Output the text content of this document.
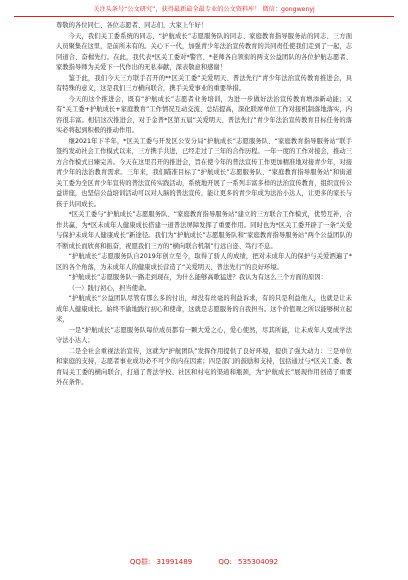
关注头条号“公文研究”，获得最新最全最专业的公文资料库！ 微信：gongwenyj

尊敬的各位同仁、各位志愿者、同志们，大家上午好！

今天，我们关工委系统的同志、“护航成长”志愿服务队的同志、家庭教育指导服务站的同志、三方面人员聚集在这里，是前所未有的。关心下一代，加强青少年法治宣传教育的共同责任使我们走到了一起，志同道合、奋楫先行。在此，我代表*区关工委对*警官、*老师各自领衔的两支公益团队的各位护航志愿者、家教指导师为关爱下一代作出的无私奉献，深表敬意和感谢！

鉴于此，我们今天三方联手召开的**区关工委“关爱明天、普法先行”青少年法治宣传教育推进会，具有特殊的意义，这是我们三方横向联合，携手关爱事业的重要举措。

今天的这个推进会，既有“护航成长”志愿者业务培训，为进一步做好法治宣传教育增添新动能；又有“关工委+护航成长+家庭教育”工作情况互动交流、总结提高，深化联席单位工作对接机制落地落实，内容很丰富。相信这次推进会，对于金普*区第五届“关爱明天、普法先行”青少年法治宣传教育目标任务的落实必将起到积极的推动作用。

继2021年下半年，*区关工委与开发区公安分局“护航成长”志愿服务队、“家庭教育指导服务站”联手签约发动社会工作模式以来，三方携手共进，已经走过了三年的合作历程。一年一度的工作对接会，推动三方合作模式日臻完善。今天在这里召开的推进会，旨在使今年的普法宣传工作更加精准地对接青少年，对接青少年的法治教育需求。三年来，我们瞄准目标了“护航成长”志愿服务队、“家庭教育指导服务站”和街道关工委为全区青少年宣传的普法宣传实践活动，系统地开展了一系列丰富多样的法治宣传教育，组织宣传公益讲座，也坚信公益培训活动可以对人脑的普法宣传，能让更多的青少年成为法治小达人，让更多的家长与孩子共同成长。

*区关工委与“护航成长”志愿服务队、“家庭教育指导服务站”建立的三方联合工作模式，优势互补，合作共赢，为*区未成年人健康成长搭建一道普法屏障发挥了重要作用。同时也为*区关工委开辟了一条“关爱与保护未成年人健康成长”新途径。我们为“护航成长”志愿服务队和“家庭教育指导服务站”两个公益团队的不断成长而欣喜和振奋，祝愿我们三方的“横向联合机制”行远自迩、笃行不息。

“护航成长”志愿服务队自2019年创立至今，取得了骄人的成绩，把对未成年人的保护与关爱洒遍了*区的各个角落，为未成年人的健康成长营造了“关爱明天、普法先行”的良好环境。

“护航成长”志愿服务队一路走到现在，为什么能够高歌猛进？我认为有这么三个方面的原因：

（一）践行初心，担当使命。

“护航成长”公益团队尽管有那么多的付出，却没有丝毫的利益诉求，有的只是利益他人，也就是让未成年人健康成长。始终不渝地践行初心和使命，这就是志愿服务的自我担当。这个价值观之所以能够树立起来，

一是“护航成长”志愿服务队每位成员都有一颗大爱之心，爱心使然，尽其所能，让未成年人变成学法守法小达人；

二是全社会重视法治宣传，这就为“护航团队”发挥作用提供了良好环境，提供了强大动力：三是单位和家庭的支持，志愿者事业成功必不可少的内在因素；四是部门的鼓励和支持，包括通过与*区关工委、教育局关工委的横向联合，打通了普法学校、社区和村屯的渠道和瓶颈，为“护航成长”展现作用创造了重要外在条件。

QQ群: 31991489	QQ: 535304092
